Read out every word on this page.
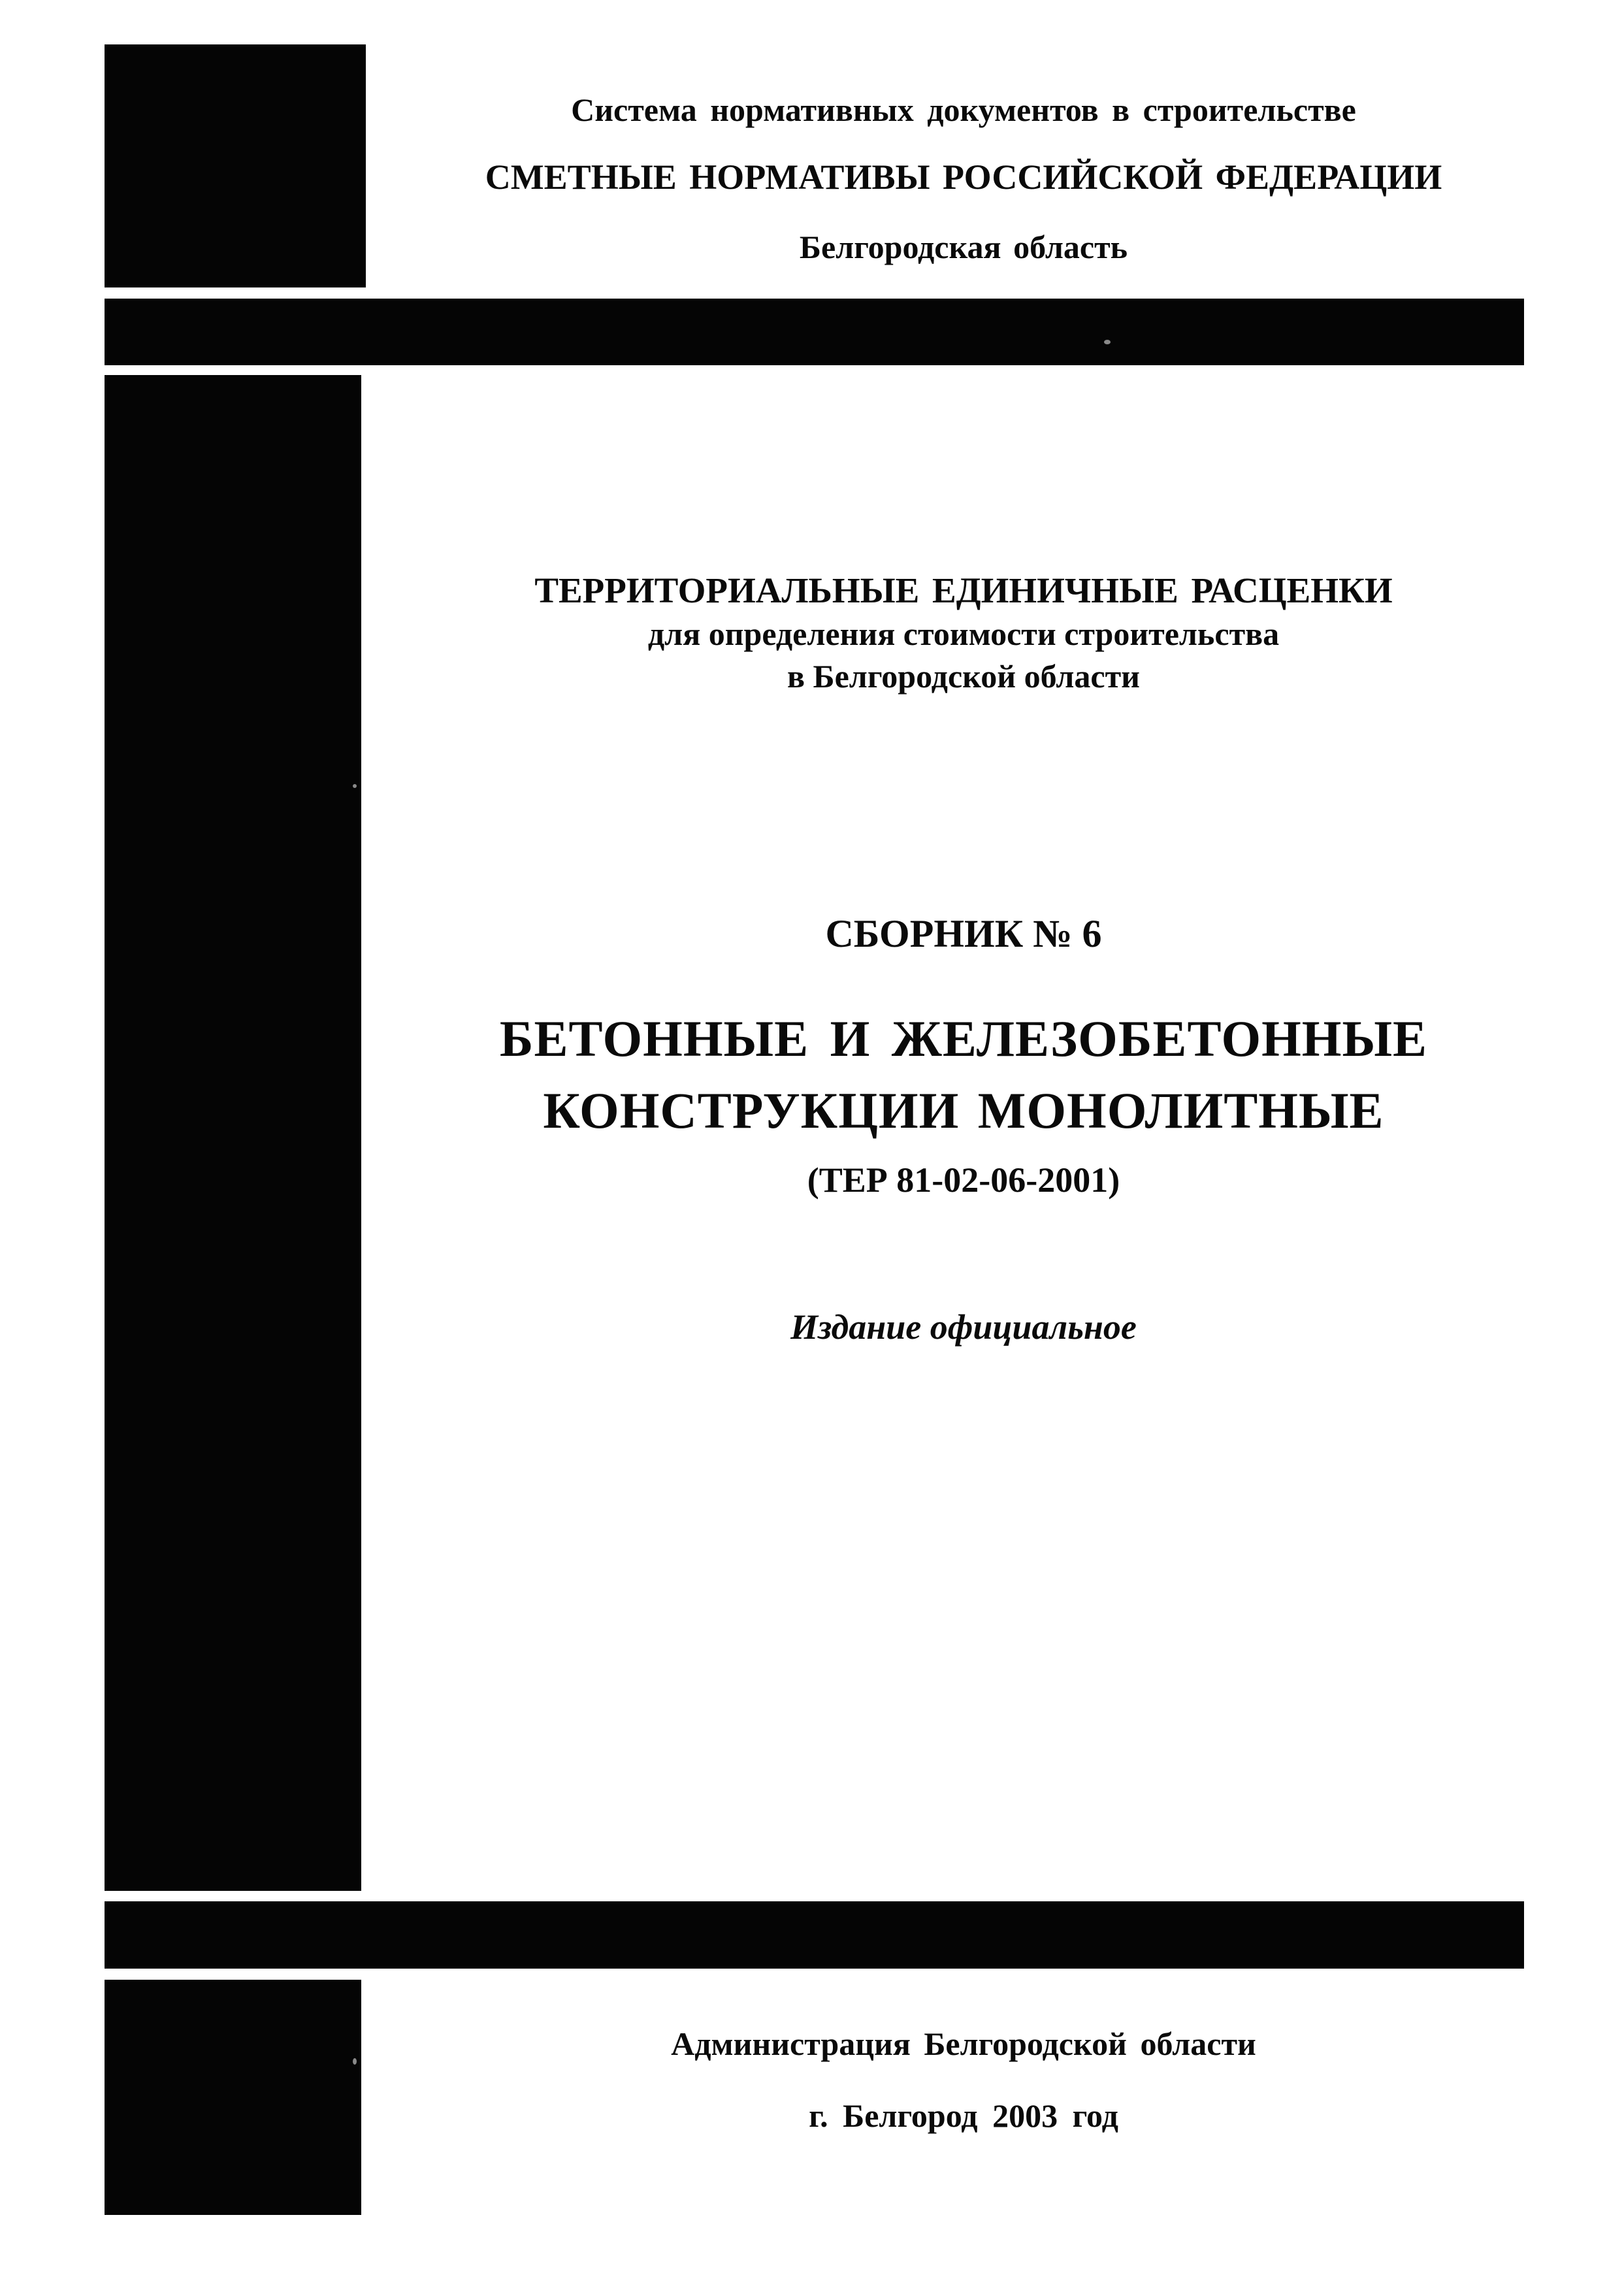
Система нормативных документов в строительстве
СМЕТНЫЕ НОРМАТИВЫ РОССИЙСКОЙ ФЕДЕРАЦИИ
Белгородская область
ТЕРРИТОРИАЛЬНЫЕ ЕДИНИЧНЫЕ РАСЦЕНКИ
для определения стоимости строительства
в Белгородской области
СБОРНИК № 6
БЕТОННЫЕ И ЖЕЛЕЗОБЕТОННЫЕ
КОНСТРУКЦИИ МОНОЛИТНЫЕ
(ТЕР 81-02-06-2001)
Издание официальное
Администрация Белгородской области
г. Белгород 2003 год
